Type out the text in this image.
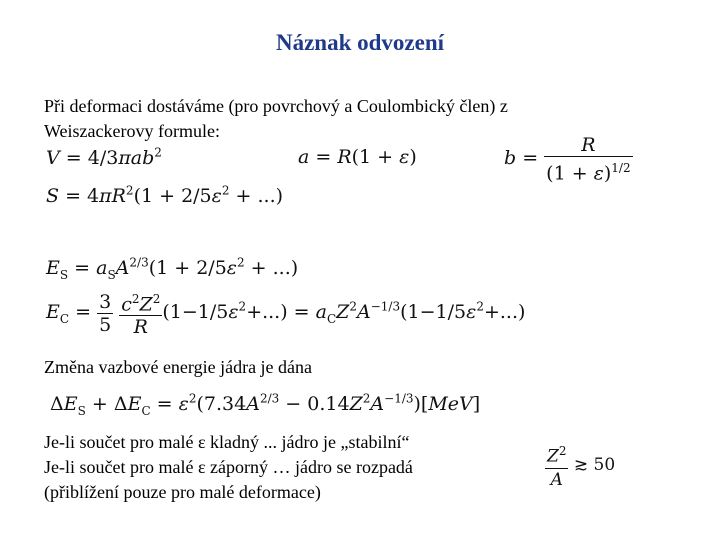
Náznak odvození
Při deformaci dostáváme (pro povrchový a Coulombický člen) z
Weiszackerovy formule:
V = 4/3πab$^2$	a = R(1 + ε)	$b = \frac{R}{(1 + \varepsilon)^{1/2}}$
$S = 4\pi R^2(1 + 2/5\varepsilon^2$ + ...)
$E_S = a_SA^{2/3}(1 + 2/5\varepsilon^2$ + ...)
$E_C = \frac{3}{5}$
$\frac{c^2Z^2}{R} (1-1/5\varepsilon^2+...) = a_CZ^2A^{-1/3}(1-1/5\varepsilon^2+...)$
Změna vazbové energie jádra je dána
$\Delta E_S + \Delta E_C = \varepsilon^2(7.34A^{2/3} - 0.14Z^2A^{-1/3})[MeV]$
Je-li součet pro malé ε kladný ... jádro je „stabilní“
Je-li součet pro malé ε záporný … jádro se rozpadá
(přiblížení pouze pro malé deformace)
$\frac{Z^2}{A}$ ≳ 50
